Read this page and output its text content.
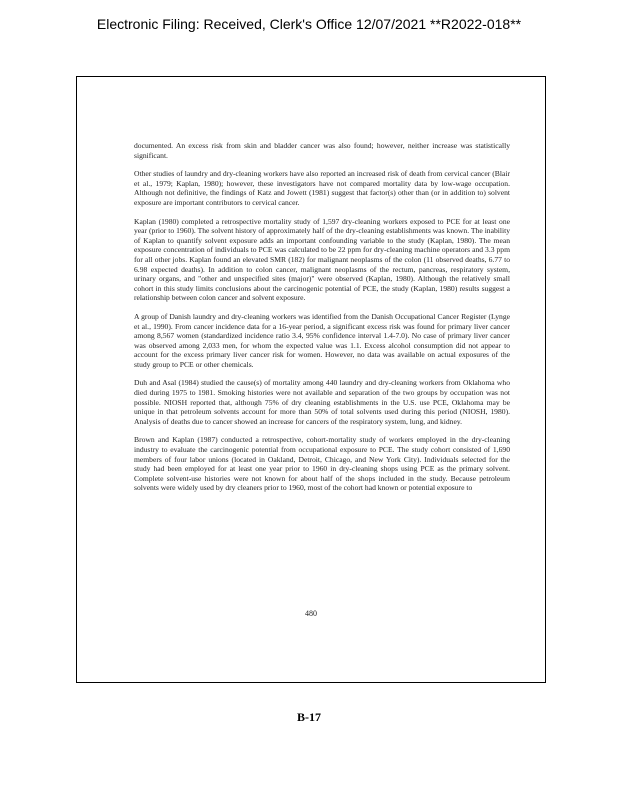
Electronic Filing: Received, Clerk's Office 12/07/2021 **R2022-018**

documented. An excess risk from skin and bladder cancer was also found; however, neither increase was statistically significant.

Other studies of laundry and dry-cleaning workers have also reported an increased risk of death from cervical cancer (Blair et al., 1979; Kaplan, 1980); however, these investigators have not compared mortality data by low-wage occupation. Although not definitive, the findings of Katz and Jowett (1981) suggest that factor(s) other than (or in addition to) solvent exposure are important contributors to cervical cancer.

Kaplan (1980) completed a retrospective mortality study of 1,597 dry-cleaning workers exposed to PCE for at least one year (prior to 1960). The solvent history of approximately half of the dry-cleaning establishments was known. The inability of Kaplan to quantify solvent exposure adds an important confounding variable to the study (Kaplan, 1980). The mean exposure concentration of individuals to PCE was calculated to be 22 ppm for dry-cleaning machine operators and 3.3 ppm for all other jobs. Kaplan found an elevated SMR (182) for malignant neoplasms of the colon (11 observed deaths, 6.77 to 6.98 expected deaths). In addition to colon cancer, malignant neoplasms of the rectum, pancreas, respiratory system, urinary organs, and "other and unspecified sites (major)" were observed (Kaplan, 1980). Although the relatively small cohort in this study limits conclusions about the carcinogenic potential of PCE, the study (Kaplan, 1980) results suggest a relationship between colon cancer and solvent exposure.

A group of Danish laundry and dry-cleaning workers was identified from the Danish Occupational Cancer Register (Lynge et al., 1990). From cancer incidence data for a 16-year period, a significant excess risk was found for primary liver cancer among 8,567 women (standardized incidence ratio 3.4, 95% confidence interval 1.4-7.0). No case of primary liver cancer was observed among 2,033 men, for whom the expected value was 1.1. Excess alcohol consumption did not appear to account for the excess primary liver cancer risk for women. However, no data was available on actual exposures of the study group to PCE or other chemicals.

Duh and Asal (1984) studied the cause(s) of mortality among 440 laundry and dry-cleaning workers from Oklahoma who died during 1975 to 1981. Smoking histories were not available and separation of the two groups by occupation was not possible. NIOSH reported that, although 75% of dry cleaning establishments in the U.S. use PCE, Oklahoma may be unique in that petroleum solvents account for more than 50% of total solvents used during this period (NIOSH, 1980). Analysis of deaths due to cancer showed an increase for cancers of the respiratory system, lung, and kidney.

Brown and Kaplan (1987) conducted a retrospective, cohort-mortality study of workers employed in the dry-cleaning industry to evaluate the carcinogenic potential from occupational exposure to PCE. The study cohort consisted of 1,690 members of four labor unions (located in Oakland, Detroit, Chicago, and New York City). Individuals selected for the study had been employed for at least one year prior to 1960 in dry-cleaning shops using PCE as the primary solvent. Complete solvent-use histories were not known for about half of the shops included in the study. Because petroleum solvents were widely used by dry cleaners prior to 1960, most of the cohort had known or potential exposure to

480
B-17
